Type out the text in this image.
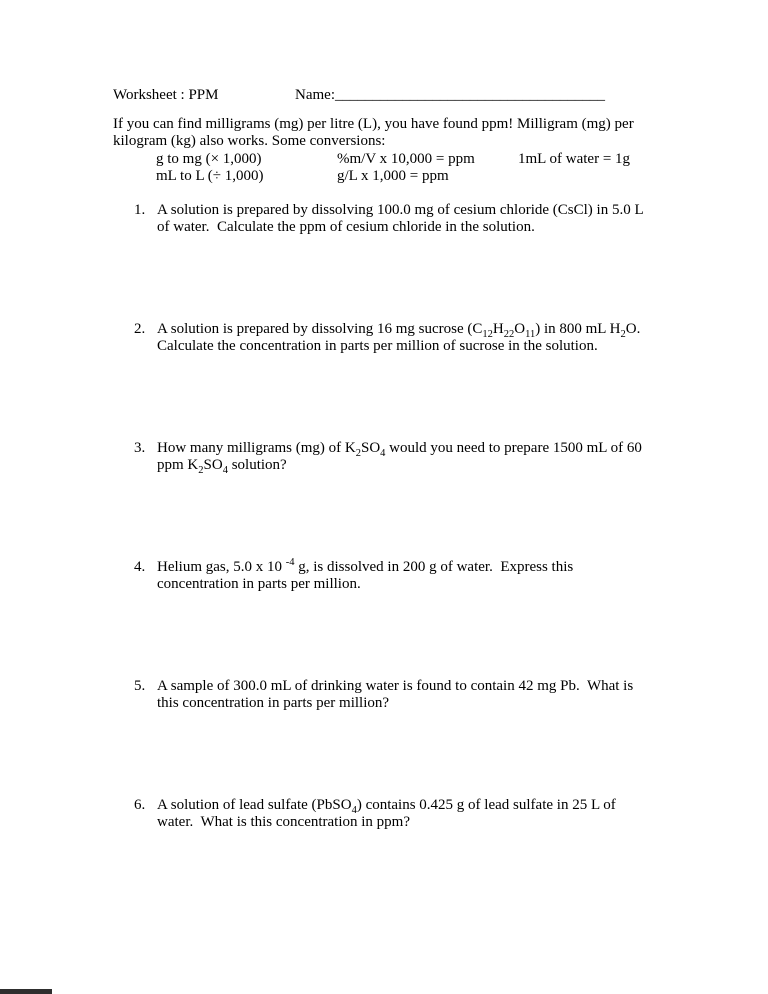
Worksheet : PPM	Name:____________________________________

If you can find milligrams (mg) per litre (L), you have found ppm! Milligram (mg) per kilogram (kg) also works. Some conversions:

g to mg (× 1,000)	%m/V x 10,000 = ppm	1mL of water = 1g
mL to L (÷ 1,000)	g/L x 1,000 = ppm
1. A solution is prepared by dissolving 100.0 mg of cesium chloride (CsCl) in 5.0 L of water.  Calculate the ppm of cesium chloride in the solution.
2. A solution is prepared by dissolving 16 mg sucrose $(C_{12}H_{22}O_{11})$ in 800 mL $H_2O$. Calculate the concentration in parts per million of sucrose in the solution.
3. How many milligrams (mg) of $K_2SO_4$ would you need to prepare 1500 mL of 60 ppm $K_2SO_4$ solution?
4. Helium gas, 5.0 x 10 $^{-4}$ g, is dissolved in 200 g of water.  Express this concentration in parts per million.
5. A sample of 300.0 mL of drinking water is found to contain 42 mg Pb.  What is this concentration in parts per million?
6. A solution of lead sulfate (PbSO$_4$) contains 0.425 g of lead sulfate in 25 L of water.  What is this concentration in ppm?
